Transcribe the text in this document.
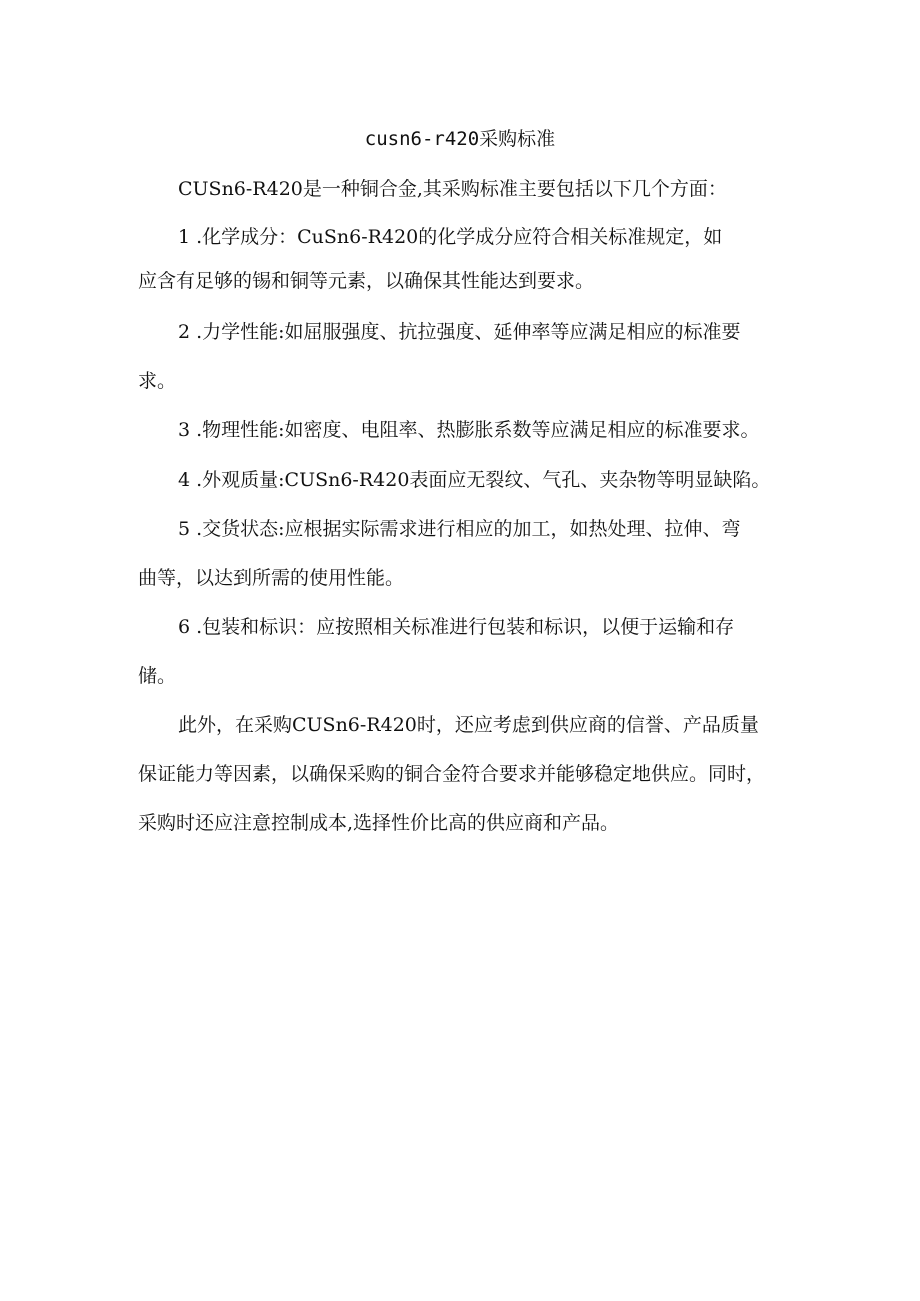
cusn6-r420采购标准
CUSn6-R420是一种铜合金,其采购标准主要包括以下几个方面：
1 .化学成分：CuSn6-R420的化学成分应符合相关标准规定，如
应含有足够的锡和铜等元素，以确保其性能达到要求。
2 .力学性能:如屈服强度、抗拉强度、延伸率等应满足相应的标准要
求。
3 .物理性能:如密度、电阻率、热膨胀系数等应满足相应的标准要求。
4 .外观质量:CUSn6-R420表面应无裂纹、气孔、夹杂物等明显缺陷。
5 .交货状态:应根据实际需求进行相应的加工，如热处理、拉伸、弯
曲等，以达到所需的使用性能。
6 .包装和标识：应按照相关标准进行包装和标识，以便于运输和存
储。
此外，在采购CUSn6-R420时，还应考虑到供应商的信誉、产品质量
保证能力等因素，以确保采购的铜合金符合要求并能够稳定地供应。同时，
采购时还应注意控制成本,选择性价比高的供应商和产品。
